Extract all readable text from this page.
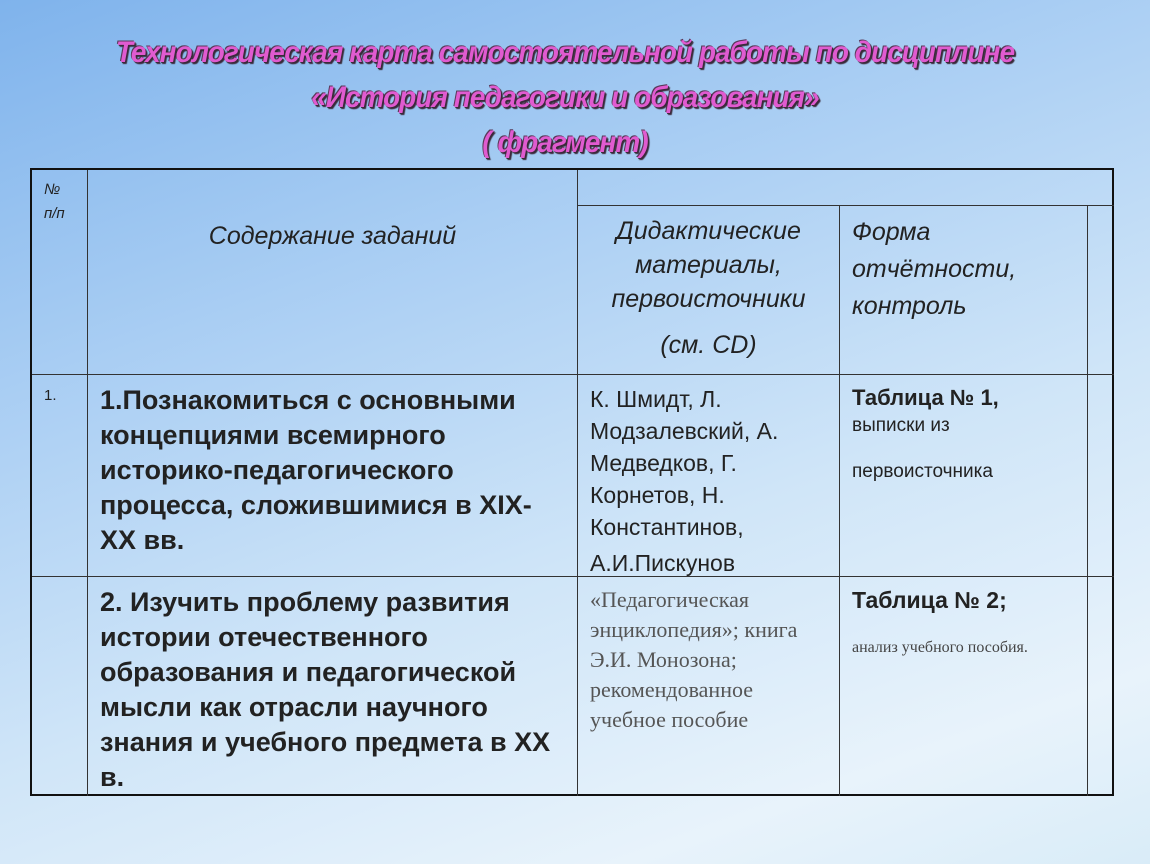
Технологическая карта самостоятельной работы по дисциплине
«История педагогики и образования»
( фрагмент)
№
п/п
Содержание заданий	Дидактические материалы, первоисточники
(см. CD)
Форма отчётности,
контроль
1.	1.Познакомиться с основными концепциями всемирного историко-педагогического процесса, сложившимися в XIX-XX вв.
К. Шмидт, Л. Модзалевский, А. Медведков, Г. Корнетов, Н. Константинов,
А.И.Пискунов
Таблица № 1,
выписки из
первоисточника
2. Изучить проблему развития истории отечественного образования и педагогической мысли как отрасли научного знания и учебного предмета в XX в.
«Педагогическая энциклопедия»; книга Э.И. Монозона; рекомендованное учебное пособие
Таблица № 2;
анализ учебного пособия.
